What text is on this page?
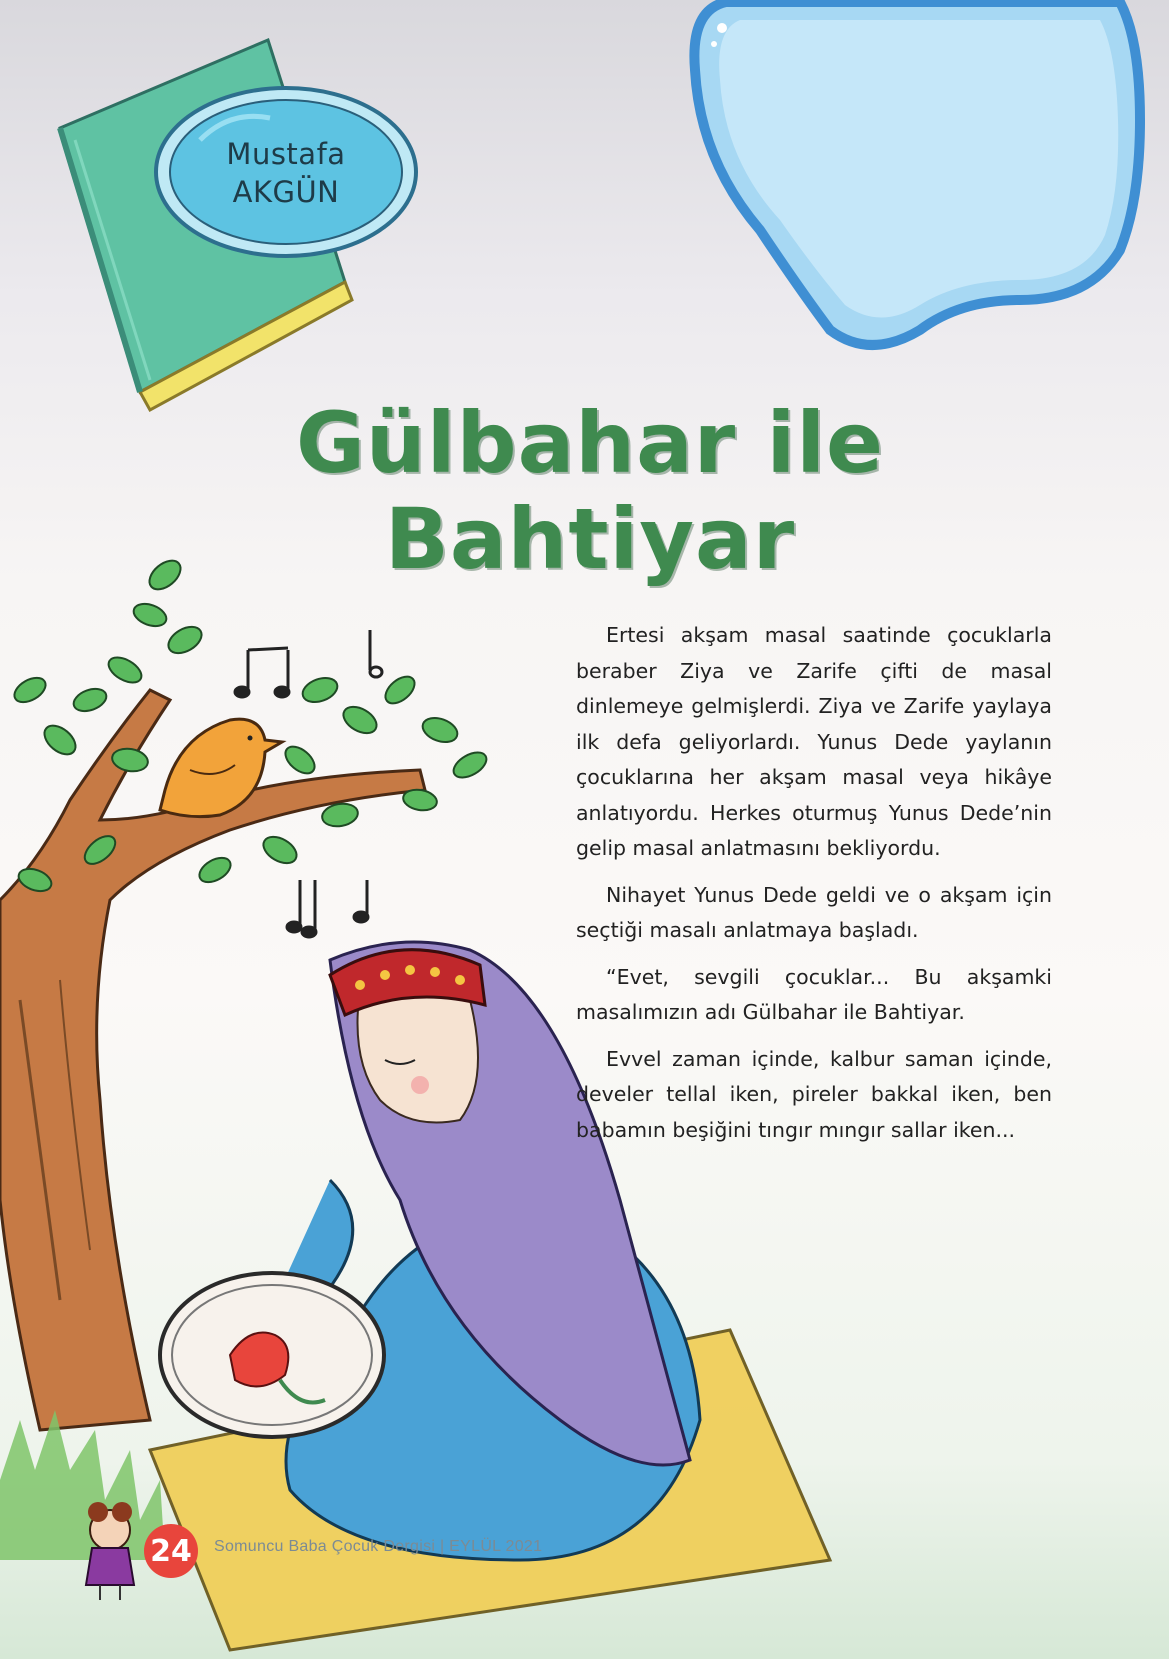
Mustafa
AKGÜN
Gülbahar ile
Bahtiyar

Ertesi akşam masal saatinde çocuklarla beraber Ziya ve Zarife çifti de masal dinlemeye gelmişlerdi. Ziya ve Zarife yaylaya ilk defa geliyorlardı. Yunus Dede yaylanın çocuklarına her akşam masal veya hikâye anlatıyordu. Herkes oturmuş Yunus Dede’nin gelip masal anlatmasını bekliyordu.

Nihayet Yunus Dede geldi ve o akşam için seçtiği masalı anlatmaya başladı.

“Evet, sevgili çocuklar... Bu akşamki masalımızın adı Gülbahar ile Bahtiyar.

Evvel zaman içinde, kalbur saman içinde, develer tellal iken, pireler bakkal iken, ben babamın beşiğini tıngır mıngır sallar iken...

24	Somuncu Baba Çocuk Dergisi | EYLÜL 2021
